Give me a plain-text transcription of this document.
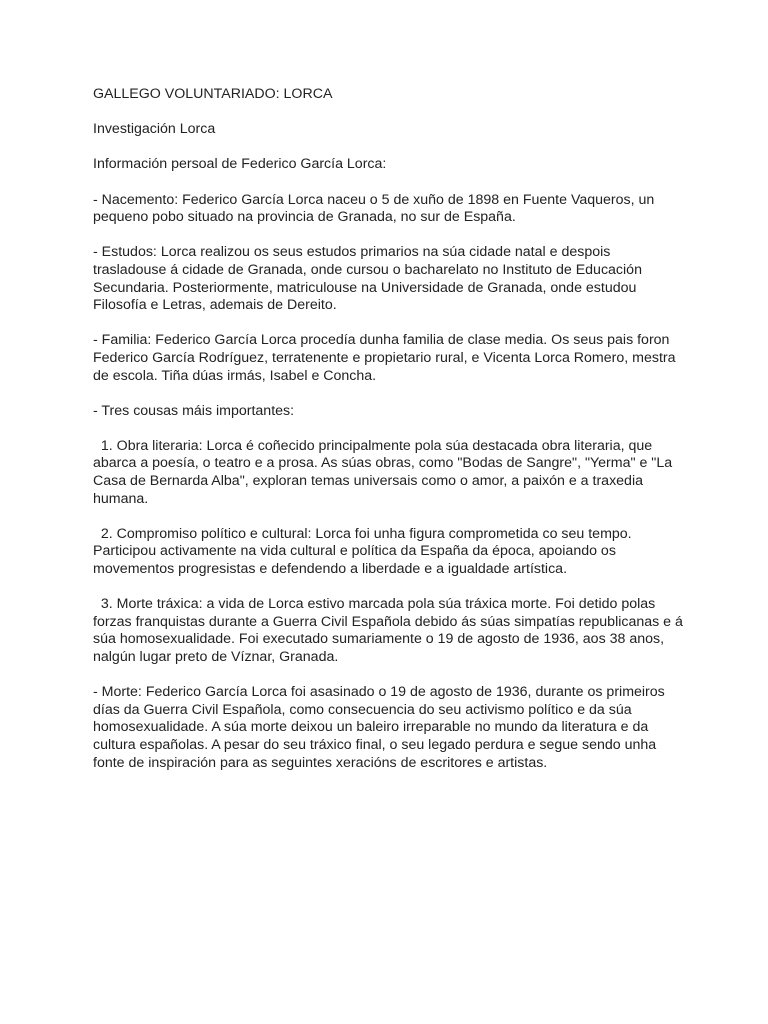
GALLEGO VOLUNTARIADO: LORCA

Investigación Lorca

Información persoal de Federico García Lorca:

- Nacemento: Federico García Lorca naceu o 5 de xuño de 1898 en Fuente Vaqueros, un pequeno pobo situado na provincia de Granada, no sur de España.

- Estudos: Lorca realizou os seus estudos primarios na súa cidade natal e despois trasladouse á cidade de Granada, onde cursou o bacharelato no Instituto de Educación Secundaria. Posteriormente, matriculouse na Universidade de Granada, onde estudou Filosofía e Letras, ademais de Dereito.

- Familia: Federico García Lorca procedía dunha familia de clase media. Os seus pais foron Federico García Rodríguez, terratenente e propietario rural, e Vicenta Lorca Romero, mestra de escola. Tiña dúas irmás, Isabel e Concha.

- Tres cousas máis importantes:

1. Obra literaria: Lorca é coñecido principalmente pola súa destacada obra literaria, que abarca a poesía, o teatro e a prosa. As súas obras, como "Bodas de Sangre", "Yerma" e "La Casa de Bernarda Alba", exploran temas universais como o amor, a paixón e a traxedia humana.

2. Compromiso político e cultural: Lorca foi unha figura comprometida co seu tempo. Participou activamente na vida cultural e política da España da época, apoiando os movementos progresistas e defendendo a liberdade e a igualdade artística.

3. Morte tráxica: a vida de Lorca estivo marcada pola súa tráxica morte. Foi detido polas forzas franquistas durante a Guerra Civil Española debido ás súas simpatías republicanas e á súa homosexualidade. Foi executado sumariamente o 19 de agosto de 1936, aos 38 anos, nalgún lugar preto de Víznar, Granada.

- Morte: Federico García Lorca foi asasinado o 19 de agosto de 1936, durante os primeiros días da Guerra Civil Española, como consecuencia do seu activismo político e da súa homosexualidade. A súa morte deixou un baleiro irreparable no mundo da literatura e da cultura españolas. A pesar do seu tráxico final, o seu legado perdura e segue sendo unha fonte de inspiración para as seguintes xeracións de escritores e artistas.
